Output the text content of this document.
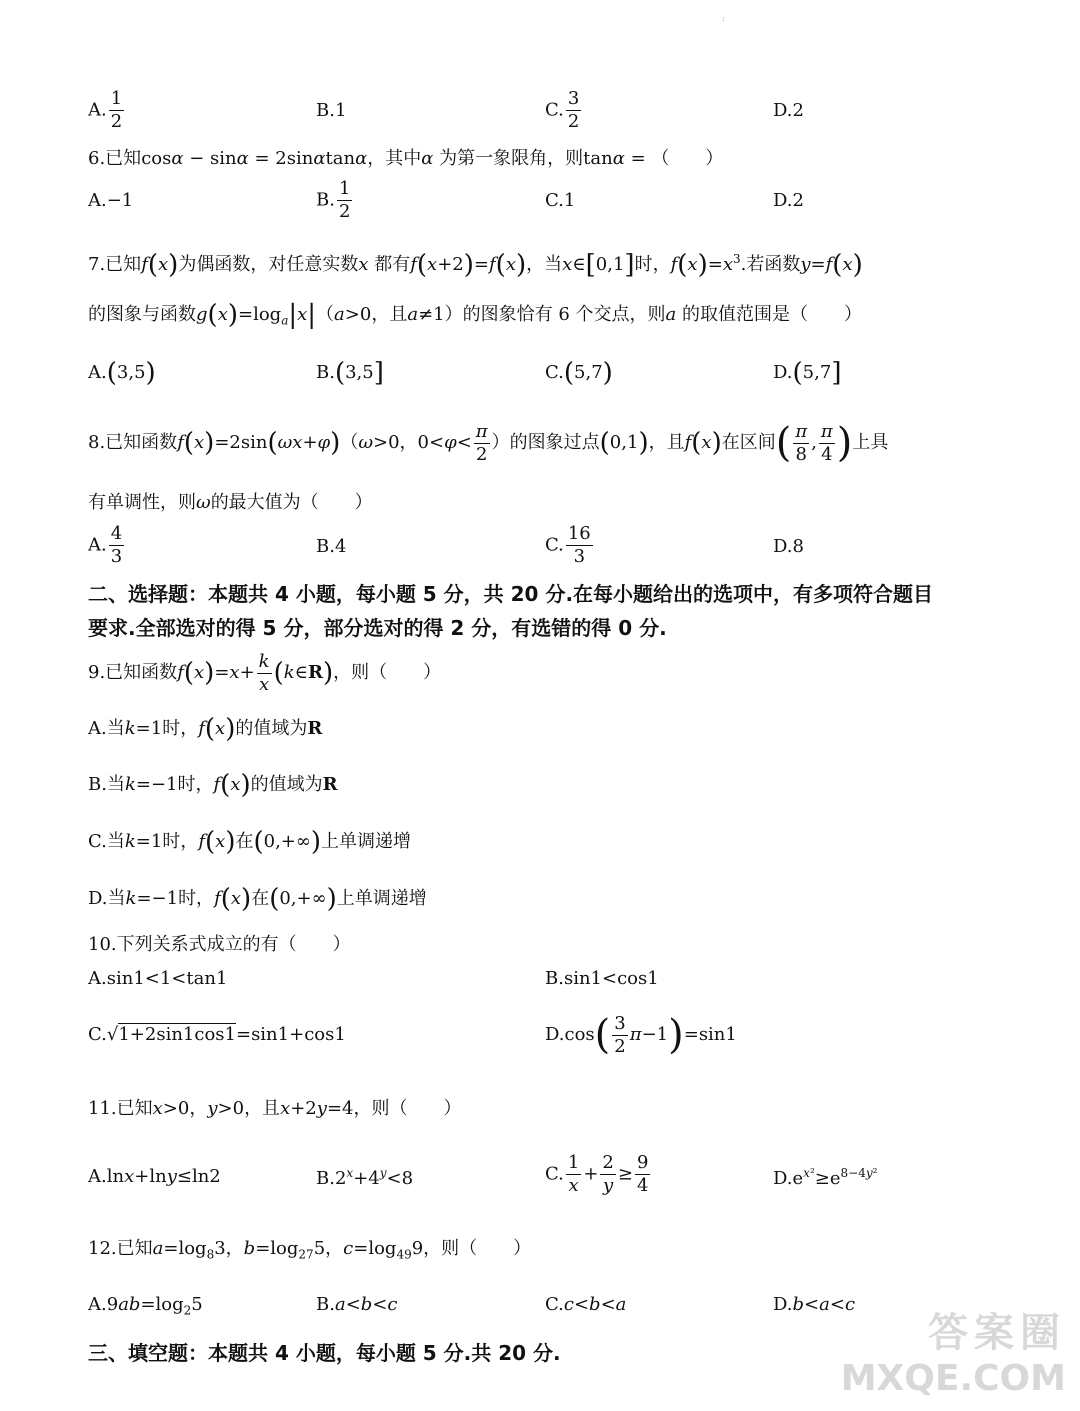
:
A. $\frac{1}{2}$	B.1	C. $\frac{3}{2}$	D.2
6.已知cosα − sinα = 2sinαtanα，其中α 为第一象限角，则tanα = （　　）
A.−1	B. $\frac{1}{2}$	C.1	D.2
7.已知f(x)为偶函数，对任意实数x 都有f(x+2)=f(x)，当x∈[0,1]时，$f(x)=x^3$.若函数y=f(x)
的图象与函数$g(x)=\log_a|x|(a>0$，且a≠1）的图象恰有 6 个交点，则a 的取值范围是（　　）
A.(3,5)	B.(3,5]	C.(5,7)	D.(5,7]
8.已知函数f(x)=2sin(ωx+φ)（ω>0，$0<\varphi< \frac{\pi}{2}$ ）的图象过点(0,1)，且f(x)在区间( $\frac{\pi}{8}$ , $\frac{\pi}{4}$ )上具
有单调性，则ω的最大值为（　　）
A. $\frac{4}{3}$	B.4	C. $\frac{16}{3}$	D.8
二、选择题：本题共 4 小题，每小题 5 分，共 20 分.在每小题给出的选项中，有多项符合题目
要求.全部选对的得 5 分，部分选对的得 2 分，有选错的得 0 分.
9.已知函数$f(x)=x+ \frac{k}{x}$ (k∈R)，则（　　）
A.当k=1时，f(x)的值域为R
B.当k=−1时，f(x)的值域为R
C.当k=1时，f(x)在(0,+∞)上单调递增
D.当k=−1时，f(x)在(0,+∞)上单调递增
10.下列关系式成立的有（　　）
A.sin1<1<tan1	B.sin1<cos1
C.√1+2sin1cos1=sin1+cos1	$D.\cos( \frac{3}{2} \pi-1)=\sin 1$
11.已知x>0，y>0，且x+2y=4，则（　　）
A.lnx+lny≤ln2	$B.2^x+4^y<8$	C. $\frac{1}{x} + \frac{2}{y} \ge \frac{9}{4}$	$D.e^{x^2}\ge e^{8-4y^2}$
12.已知$a=\log_83$，$b=\log_{27}5$，$c=\log_{49}9$，则（　　）
$A.9ab=\log_25$	B.a<b<c	C.c<b<a	D.b<a<c
三、填空题：本题共 4 小题，每小题 5 分.共 20 分.	答案圈
MXQE.COM
